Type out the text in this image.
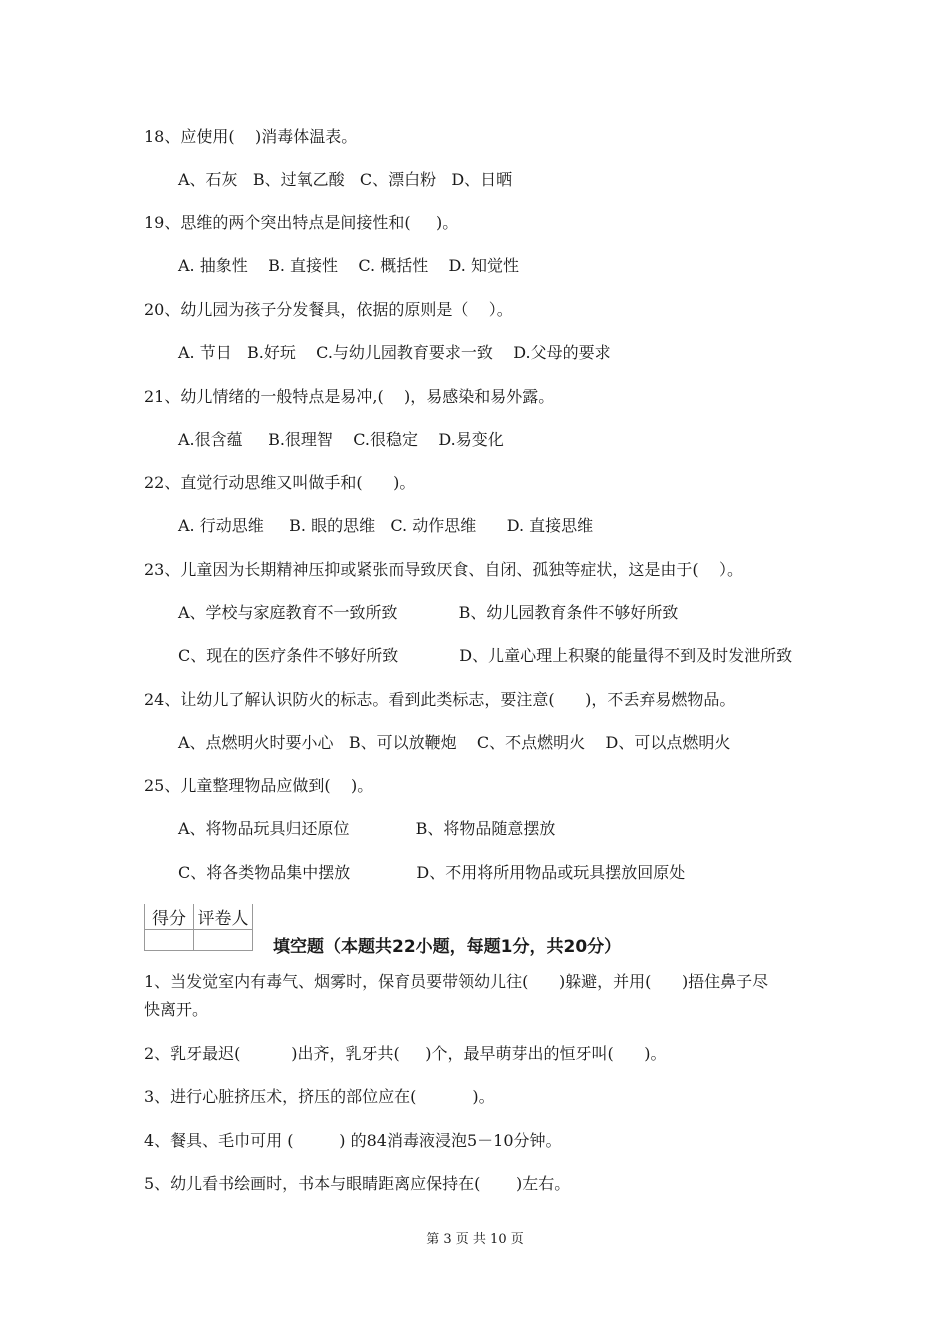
18、应使用(    )消毒体温表。
A、石灰   B、过氧乙酸   C、漂白粉   D、日晒
19、思维的两个突出特点是间接性和(     )。
A. 抽象性    B. 直接性    C. 概括性    D. 知觉性
20、幼儿园为孩子分发餐具，依据的原则是（    ）。
A. 节日   B.好玩    C.与幼儿园教育要求一致    D.父母的要求
21、幼儿情绪的一般特点是易冲,(    )，易感染和易外露。
A.很含蕴     B.很理智    C.很稳定    D.易变化
22、直觉行动思维又叫做手和(      )。
A. 行动思维     B. 眼的思维   C. 动作思维      D. 直接思维
23、儿童因为长期精神压抑或紧张而导致厌食、自闭、孤独等症状，这是由于(    ）。
A、学校与家庭教育不一致所致            B、幼儿园教育条件不够好所致
C、现在的医疗条件不够好所致            D、儿童心理上积聚的能量得不到及时发泄所致
24、让幼儿了解认识防火的标志。看到此类标志，要注意(      )，不丢弃易燃物品。
A、点燃明火时要小心   B、可以放鞭炮    C、不点燃明火    D、可以点燃明火
25、儿童整理物品应做到(    )。
A、将物品玩具归还原位             B、将物品随意摆放
C、将各类物品集中摆放             D、不用将所用物品或玩具摆放回原处
得分	评卷人

填空题（本题共22小题，每题1分，共20分）
1、当发觉室内有毒气、烟雾时，保育员要带领幼儿往(      )躲避，并用(      )捂住鼻子尽
快离开。
2、乳牙最迟(          )出齐，乳牙共(     )个，最早萌芽出的恒牙叫(      )。
3、进行心脏挤压术，挤压的部位应在(           )。
4、餐具、毛巾可用 (         ) 的84消毒液浸泡5－10分钟。
5、幼儿看书绘画时，书本与眼睛距离应保持在(       )左右。
第 3 页 共 10 页
